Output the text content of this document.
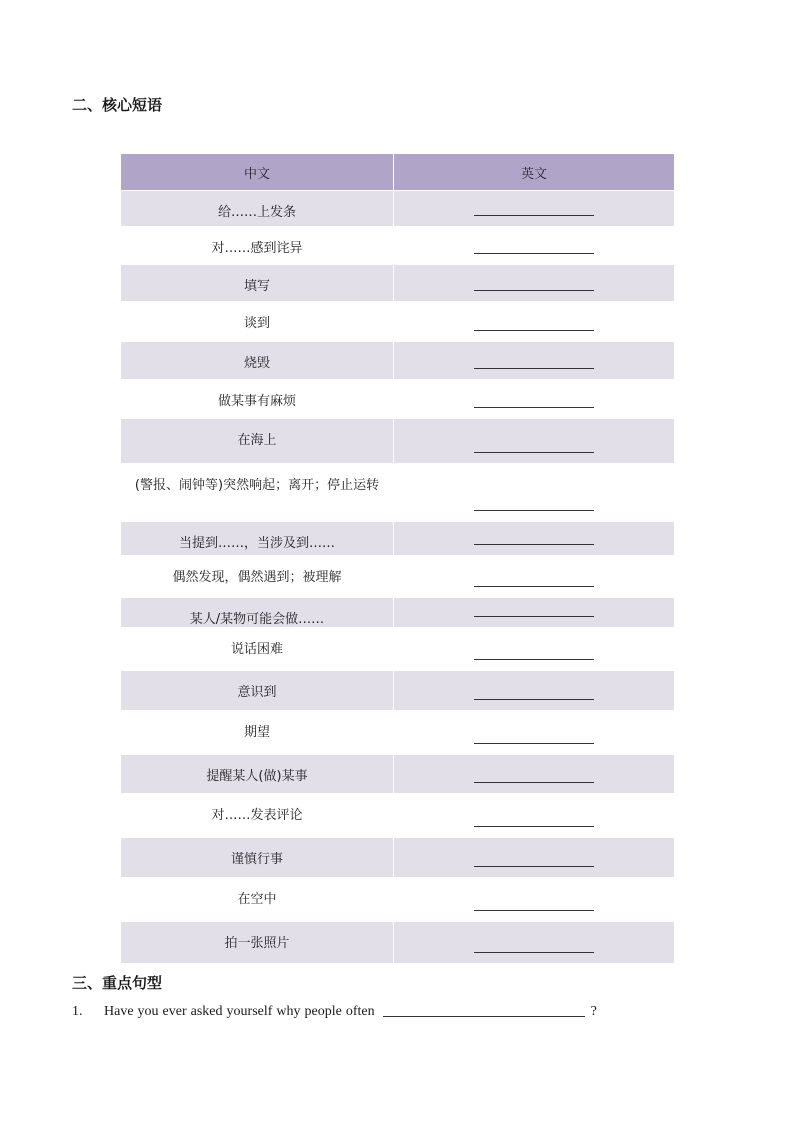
二、核心短语
中文	英文
给……上发条	

对……感到诧异	

填写	

谈到	

烧毁	

做某事有麻烦	

在海上	

(警报、闹钟等)突然响起；离开；停止运转	

当提到……，当涉及到……	

偶然发现，偶然遇到；被理解	

某人/某物可能会做……	

说话困难	

意识到	

期望	

提醒某人(做)某事	

对……发表评论	

谨慎行事	

在空中	

拍一张照片	
三、重点句型

1. Have you ever asked yourself why people often	?
